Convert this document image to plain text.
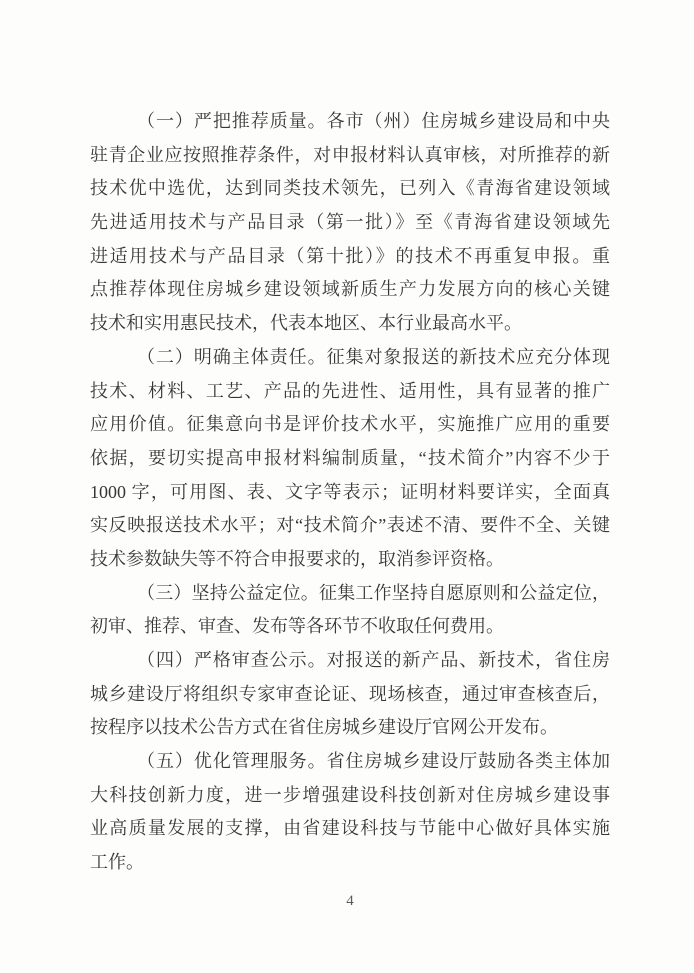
（一）严把推荐质量。各市（州）住房城乡建设局和中央
驻青企业应按照推荐条件，对申报材料认真审核，对所推荐的新
技术优中选优，达到同类技术领先，已列入《青海省建设领域
先进适用技术与产品目录（第一批）》至《青海省建设领域先
进适用技术与产品目录（第十批）》的技术不再重复申报。重
点推荐体现住房城乡建设领域新质生产力发展方向的核心关键
技术和实用惠民技术，代表本地区、本行业最高水平。
（二）明确主体责任。征集对象报送的新技术应充分体现
技术、材料、工艺、产品的先进性、适用性，具有显著的推广
应用价值。征集意向书是评价技术水平，实施推广应用的重要
依据，要切实提高申报材料编制质量，“技术简介”内容不少于
1000 字，可用图、表、文字等表示；证明材料要详实，全面真
实反映报送技术水平；对“技术简介”表述不清、要件不全、关键
技术参数缺失等不符合申报要求的，取消参评资格。
（三）坚持公益定位。征集工作坚持自愿原则和公益定位，
初审、推荐、审查、发布等各环节不收取任何费用。
（四）严格审查公示。对报送的新产品、新技术，省住房
城乡建设厅将组织专家审查论证、现场核查，通过审查核查后，
按程序以技术公告方式在省住房城乡建设厅官网公开发布。
（五）优化管理服务。省住房城乡建设厅鼓励各类主体加
大科技创新力度，进一步增强建设科技创新对住房城乡建设事
业高质量发展的支撑，由省建设科技与节能中心做好具体实施
工作。
4
